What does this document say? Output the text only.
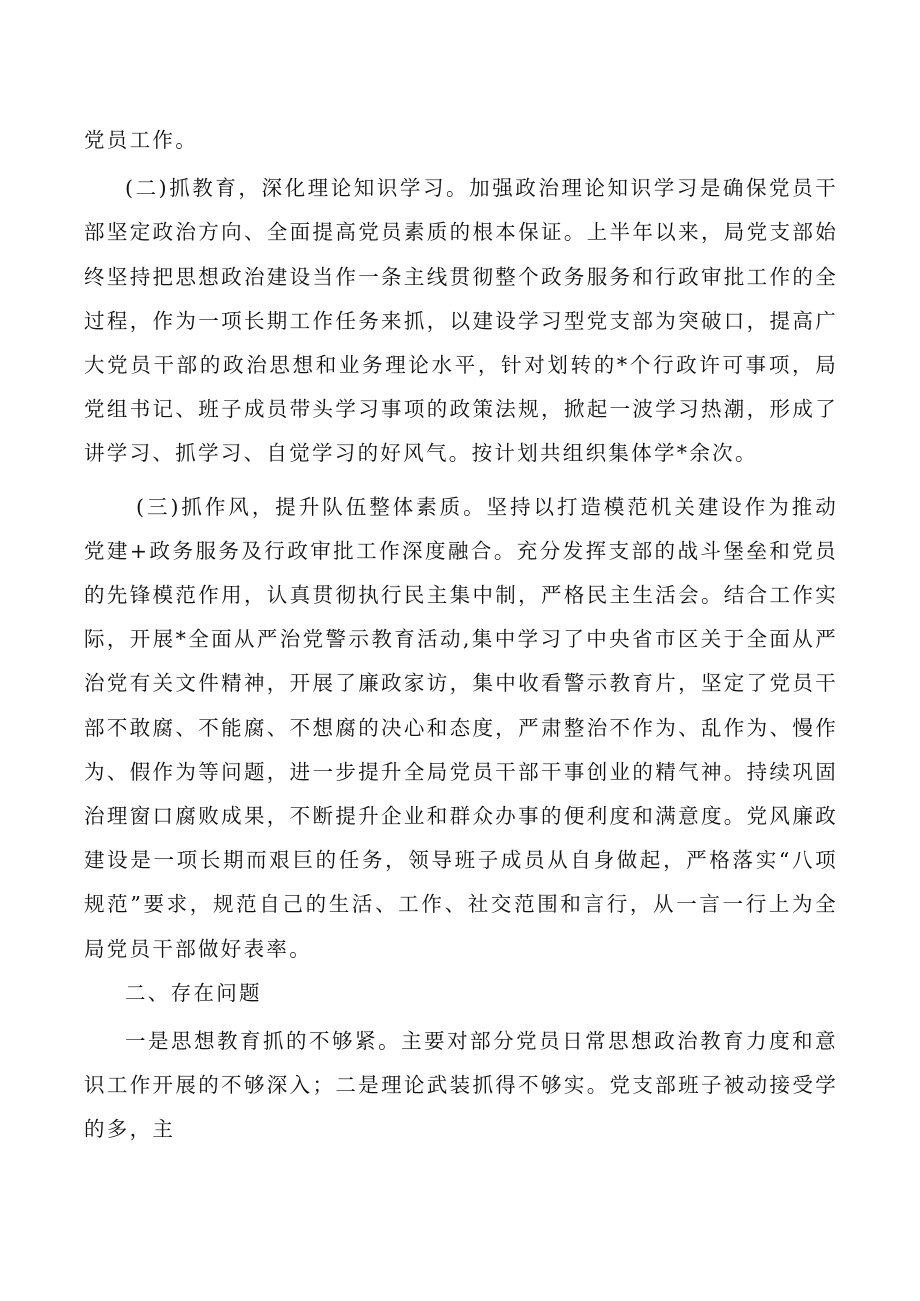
党员工作。

(二)抓教育，深化理论知识学习。加强政治理论知识学习是确保党员干部坚定政治方向、全面提高党员素质的根本保证。上半年以来，局党支部始终坚持把思想政治建设当作一条主线贯彻整个政务服务和行政审批工作的全过程，作为一项长期工作任务来抓，以建设学习型党支部为突破口，提高广大党员干部的政治思想和业务理论水平，针对划转的*个行政许可事项，局党组书记、班子成员带头学习事项的政策法规，掀起一波学习热潮，形成了讲学习、抓学习、自觉学习的好风气。按计划共组织集体学*余次。

(三)抓作风，提升队伍整体素质。坚持以打造模范机关建设作为推动党建+政务服务及行政审批工作深度融合。充分发挥支部的战斗堡垒和党员的先锋模范作用，认真贯彻执行民主集中制，严格民主生活会。结合工作实际，开展*全面从严治党警示教育活动,集中学习了中央省市区关于全面从严治党有关文件精神，开展了廉政家访，集中收看警示教育片，坚定了党员干部不敢腐、不能腐、不想腐的决心和态度，严肃整治不作为、乱作为、慢作为、假作为等问题，进一步提升全局党员干部干事创业的精气神。持续巩固治理窗口腐败成果，不断提升企业和群众办事的便利度和满意度。党风廉政建设是一项长期而艰巨的任务，领导班子成员从自身做起，严格落实“八项规范”要求，规范自己的生活、工作、社交范围和言行，从一言一行上为全局党员干部做好表率。

二、存在问题

一是思想教育抓的不够紧。主要对部分党员日常思想政治教育力度和意识工作开展的不够深入；二是理论武装抓得不够实。党支部班子被动接受学的多，主
